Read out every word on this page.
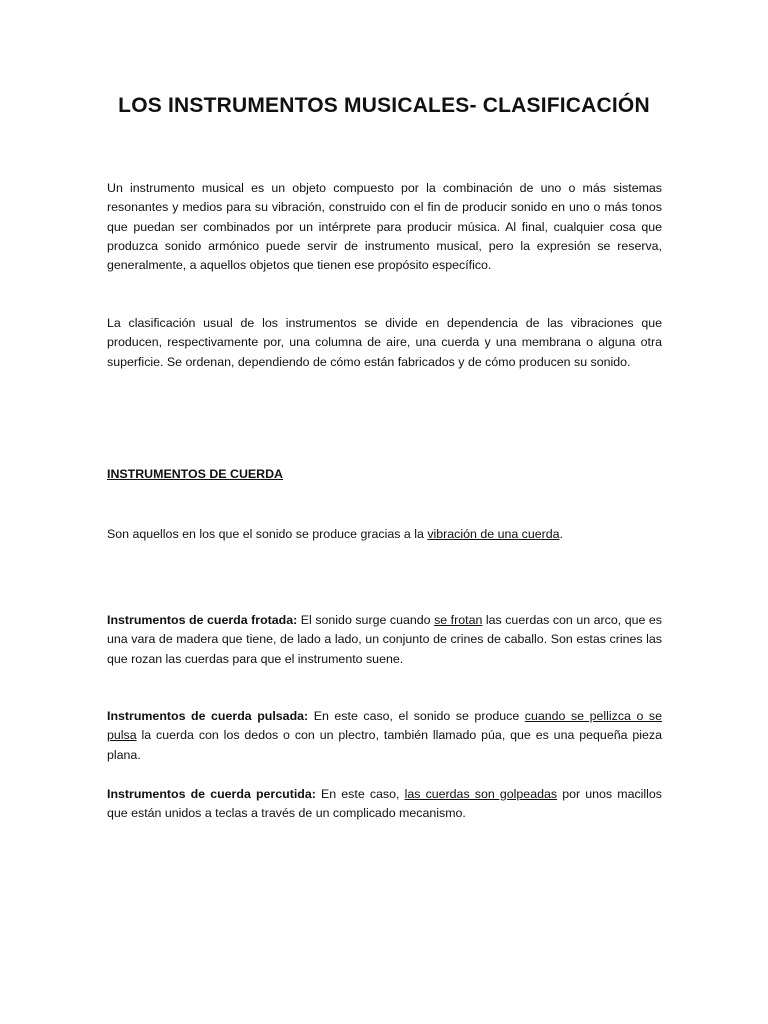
LOS INSTRUMENTOS MUSICALES- CLASIFICACIÓN

Un instrumento musical es un objeto compuesto por la combinación de uno o más sistemas resonantes y medios para su vibración, construido con el fin de producir sonido en uno o más tonos que puedan ser combinados por un intérprete para producir música. Al final, cualquier cosa que produzca sonido armónico puede servir de instrumento musical, pero la expresión se reserva, generalmente, a aquellos objetos que tienen ese propósito específico.

La clasificación usual de los instrumentos se divide en dependencia de las vibraciones que producen, respectivamente por, una columna de aire, una cuerda y una membrana o alguna otra superficie. Se ordenan, dependiendo de cómo están fabricados y de cómo producen su sonido.

INSTRUMENTOS DE CUERDA

Son aquellos en los que el sonido se produce gracias a la vibración de una cuerda.

Instrumentos de cuerda frotada: El sonido surge cuando se frotan las cuerdas con un arco, que es una vara de madera que tiene, de lado a lado, un conjunto de crines de caballo. Son estas crines las que rozan las cuerdas para que el instrumento suene.

Instrumentos de cuerda pulsada: En este caso, el sonido se produce cuando se pellizca o se pulsa la cuerda con los dedos o con un plectro, también llamado púa, que es una pequeña pieza plana.

Instrumentos de cuerda percutida: En este caso, las cuerdas son golpeadas por unos macillos que están unidos a teclas a través de un complicado mecanismo.
